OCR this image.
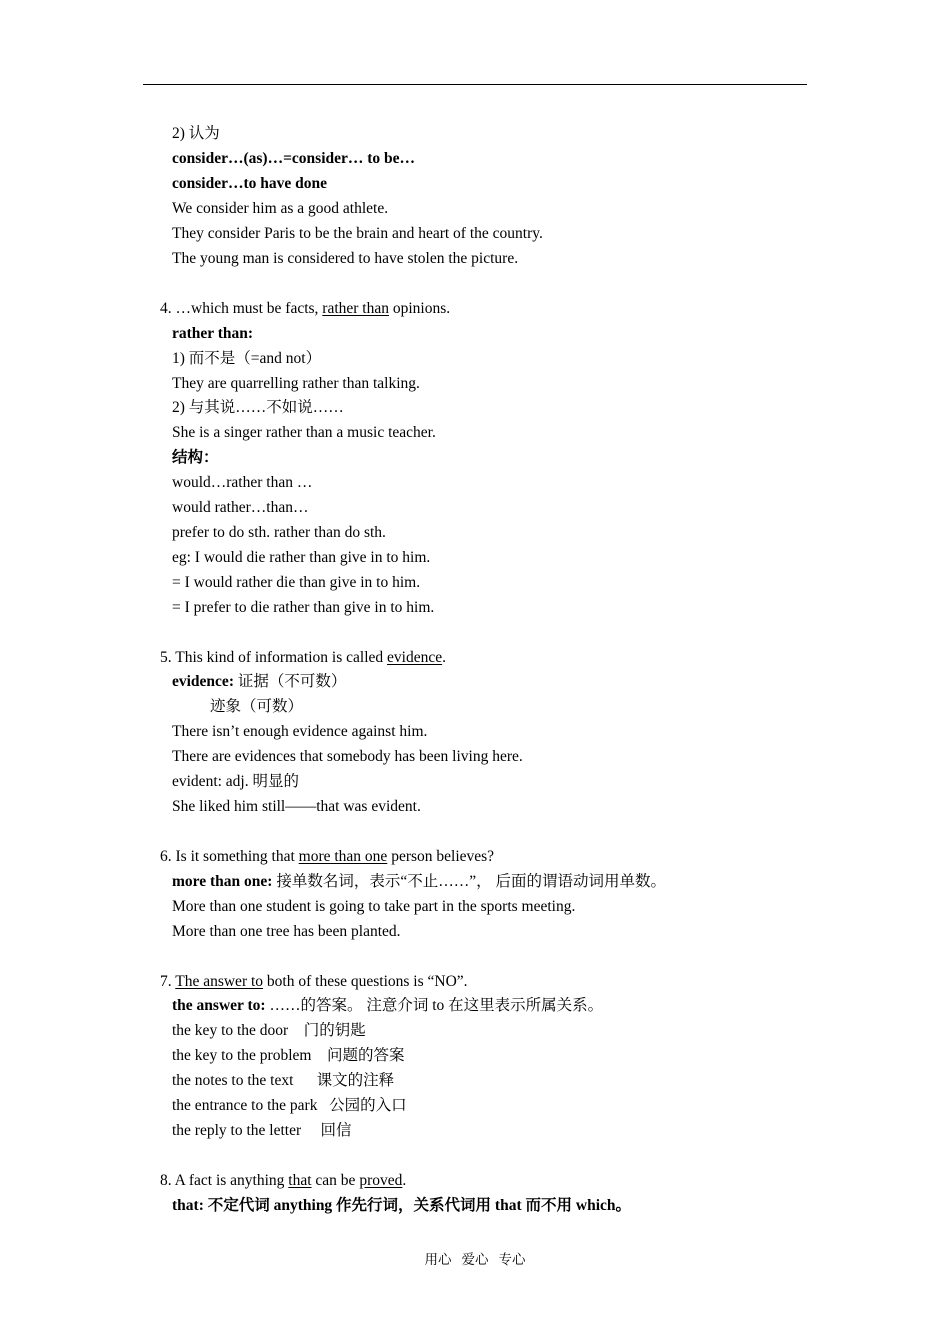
2) 认为
consider…(as)…=consider… to be…
consider…to have done
We consider him as a good athlete.
They consider Paris to be the brain and heart of the country.
The young man is considered to have stolen the picture.
4. …which must be facts, rather than opinions.
rather than:
1) 而不是（=and not）
They are quarrelling rather than talking.
2) 与其说……不如说……
She is a singer rather than a music teacher.
结构：
would…rather than …
would rather…than…
prefer to do sth. rather than do sth.
eg: I would die rather than give in to him.
= I would rather die than give in to him.
= I prefer to die rather than give in to him.
5. This kind of information is called evidence.
evidence: 证据（不可数）
迹象（可数）
There isn’t enough evidence against him.
There are evidences that somebody has been living here.
evident: adj. 明显的
She liked him still——that was evident.
6. Is it something that more than one person believes?
more than one: 接单数名词，表示“不止……”， 后面的谓语动词用单数。
More than one student is going to take part in the sports meeting.
More than one tree has been planted.
7. The answer to both of these questions is “NO”.
the answer to: ……的答案。 注意介词 to 在这里表示所属关系。
the key to the door    门的钥匙
the key to the problem    问题的答案
the notes to the text      课文的注释
the entrance to the park   公园的入口
the reply to the letter     回信
8. A fact is anything that can be proved.
that: 不定代词 anything 作先行词，关系代词用 that 而不用 which。
用心 爱心 专心
